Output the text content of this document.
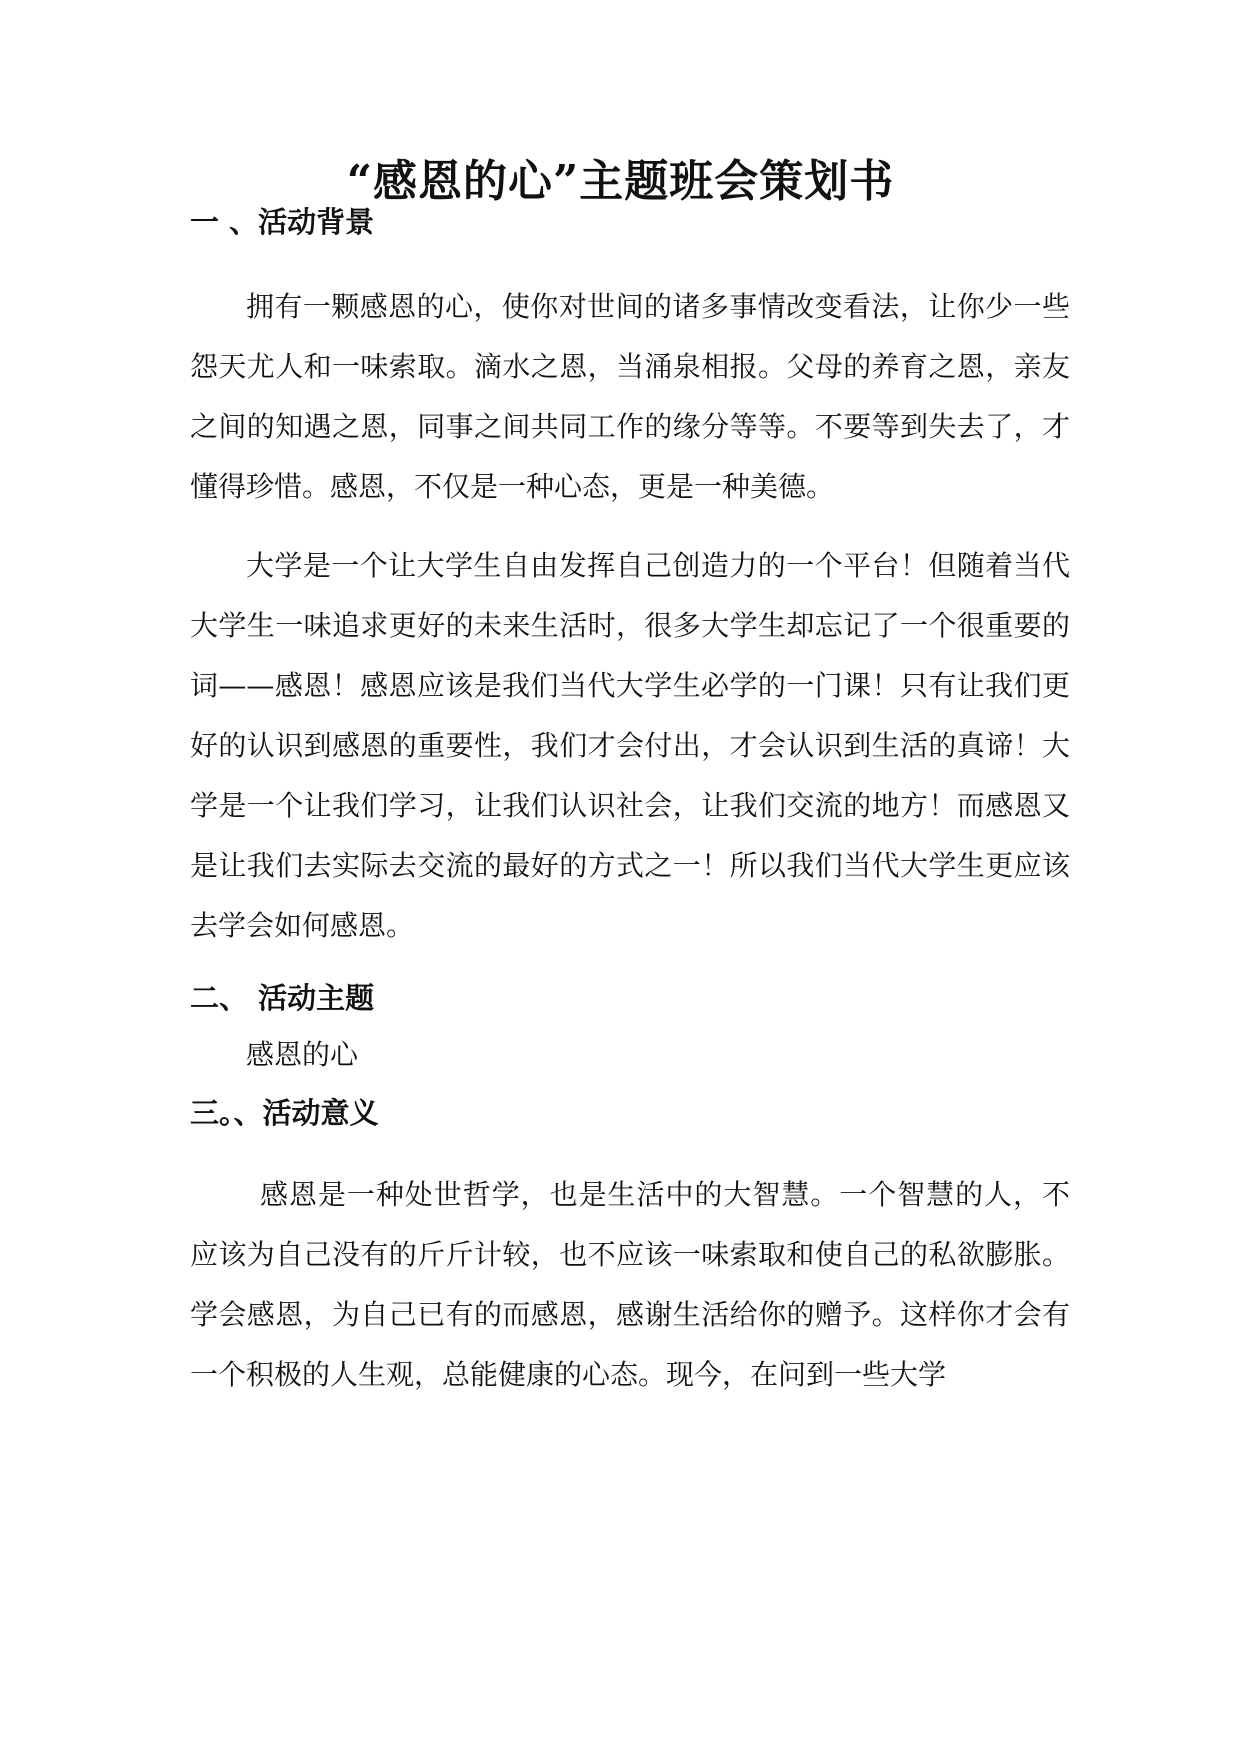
“感恩的心”主题班会策划书
一 、活动背景

拥有一颗感恩的心，使你对世间的诸多事情改变看法，让你少一些怨天尤人和一味索取。滴水之恩，当涌泉相报。父母的养育之恩，亲友之间的知遇之恩，同事之间共同工作的缘分等等。不要等到失去了，才懂得珍惜。感恩，不仅是一种心态，更是一种美德。

大学是一个让大学生自由发挥自己创造力的一个平台！但随着当代大学生一味追求更好的未来生活时，很多大学生却忘记了一个很重要的词——感恩！感恩应该是我们当代大学生必学的一门课！只有让我们更好的认识到感恩的重要性，我们才会付出，才会认识到生活的真谛！大学是一个让我们学习，让我们认识社会，让我们交流的地方！而感恩又是让我们去实际去交流的最好的方式之一！所以我们当代大学生更应该去学会如何感恩。

二、 活动主题

感恩的心

三。、活动意义

感恩是一种处世哲学，也是生活中的大智慧。一个智慧的人，不应该为自己没有的斤斤计较，也不应该一味索取和使自己的私欲膨胀。学会感恩，为自己已有的而感恩，感谢生活给你的赠予。这样你才会有一个积极的人生观，总能健康的心态。现今，在问到一些大学
